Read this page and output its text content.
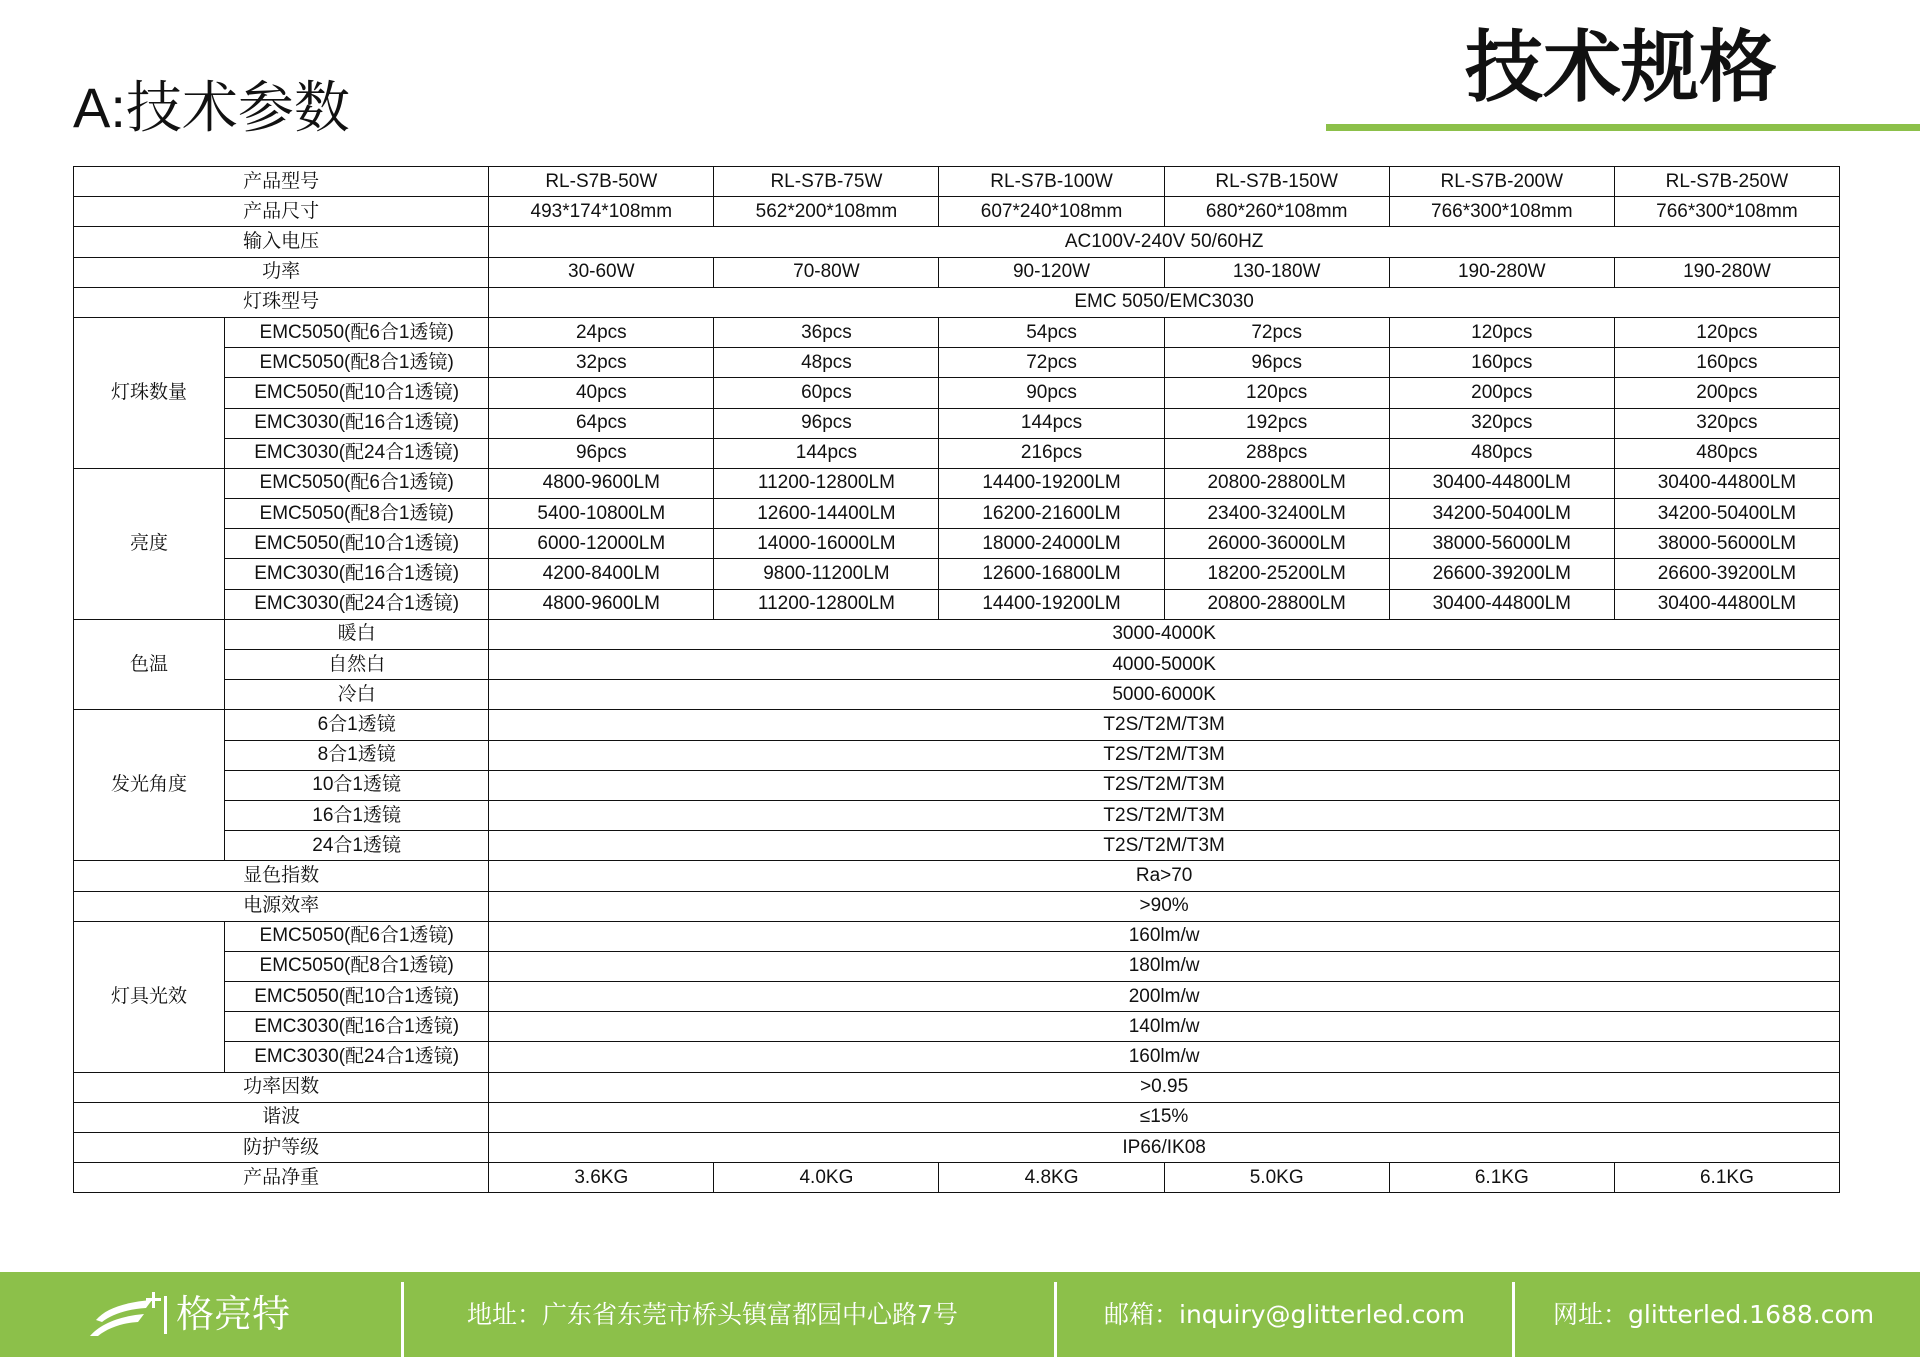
A:技术参数	技术规格
产品型号		RL-S7B-50W	RL-S7B-75W	RL-S7B-100W	RL-S7B-150W	RL-S7B-200W	RL-S7B-250W
产品尺寸		493*174*108mm	562*200*108mm	607*240*108mm	680*260*108mm	766*300*108mm	766*300*108mm
输入电压		AC100V-240V 50/60HZ					
功率		30-60W	70-80W	90-120W	130-180W	190-280W	190-280W
灯珠型号		EMC 5050/EMC3030					
灯珠数量	EMC5050(配6合1透镜)	24pcs	36pcs	54pcs	72pcs	120pcs	120pcs
	EMC5050(配8合1透镜)	32pcs	48pcs	72pcs	96pcs	160pcs	160pcs
	EMC5050(配10合1透镜)	40pcs	60pcs	90pcs	120pcs	200pcs	200pcs
	EMC3030(配16合1透镜)	64pcs	96pcs	144pcs	192pcs	320pcs	320pcs
	EMC3030(配24合1透镜)	96pcs	144pcs	216pcs	288pcs	480pcs	480pcs
亮度	EMC5050(配6合1透镜)	4800-9600LM	11200-12800LM	14400-19200LM	20800-28800LM	30400-44800LM	30400-44800LM
	EMC5050(配8合1透镜)	5400-10800LM	12600-14400LM	16200-21600LM	23400-32400LM	34200-50400LM	34200-50400LM
	EMC5050(配10合1透镜)	6000-12000LM	14000-16000LM	18000-24000LM	26000-36000LM	38000-56000LM	38000-56000LM
	EMC3030(配16合1透镜)	4200-8400LM	9800-11200LM	12600-16800LM	18200-25200LM	26600-39200LM	26600-39200LM
	EMC3030(配24合1透镜)	4800-9600LM	11200-12800LM	14400-19200LM	20800-28800LM	30400-44800LM	30400-44800LM
色温	暖白	3000-4000K					
	自然白	4000-5000K					
	冷白	5000-6000K					
发光角度	6合1透镜	T2S/T2M/T3M					
	8合1透镜	T2S/T2M/T3M					
	10合1透镜	T2S/T2M/T3M					
	16合1透镜	T2S/T2M/T3M					
	24合1透镜	T2S/T2M/T3M					
显色指数		Ra>70					
电源效率		>90%					
灯具光效	EMC5050(配6合1透镜)	160lm/w					
	EMC5050(配8合1透镜)	180lm/w					
	EMC5050(配10合1透镜)	200lm/w					
	EMC3030(配16合1透镜)	140lm/w					
	EMC3030(配24合1透镜)	160lm/w					
功率因数		>0.95					
谐波		≤15%					
防护等级		IP66/IK08					
产品净重		3.6KG	4.0KG	4.8KG	5.0KG	6.1KG	6.1KG
格亮特	地址：广东省东莞市桥头镇富都园中心路7号	邮箱：inquiry@glitterled.com	网址：glitterled.1688.com
